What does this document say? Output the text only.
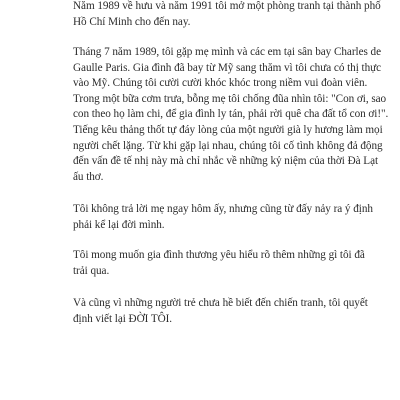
Năm 1989 về hưu và năm 1991 tôi mở một phòng tranh tại thành phố
Hồ Chí Minh cho đến nay.
Tháng 7 năm 1989, tôi gặp mẹ mình và các em tại sân bay Charles de
Gaulle Paris. Gia đình đã bay từ Mỹ sang thăm vì tôi chưa có thị thực
vào Mỹ. Chúng tôi cười cười khóc khóc trong niềm vui đoàn viên.
Trong một bữa cơm trưa, bỗng mẹ tôi chống đũa nhìn tôi: "Con ơi, sao
con theo họ làm chi, để gia đình ly tán, phải rời quê cha đất tổ con ơi!".
Tiếng kêu thảng thốt tự đáy lòng của một người già ly hương làm mọi
người chết lặng. Từ khi gặp lại nhau, chúng tôi cố tình không đả động
đến vấn đề tế nhị này mà chỉ nhắc về những kỷ niệm của thời Đà Lạt
ấu thơ.
Tôi không trả lời mẹ ngay hôm ấy, nhưng cũng từ đấy nảy ra ý định
phải kể lại đời mình.
Tôi mong muốn gia đình thương yêu hiểu rõ thêm những gì tôi đã
trải qua.
Và cũng vì những người trẻ chưa hề biết đến chiến tranh, tôi quyết
định viết lại ĐỜI TÔI.
